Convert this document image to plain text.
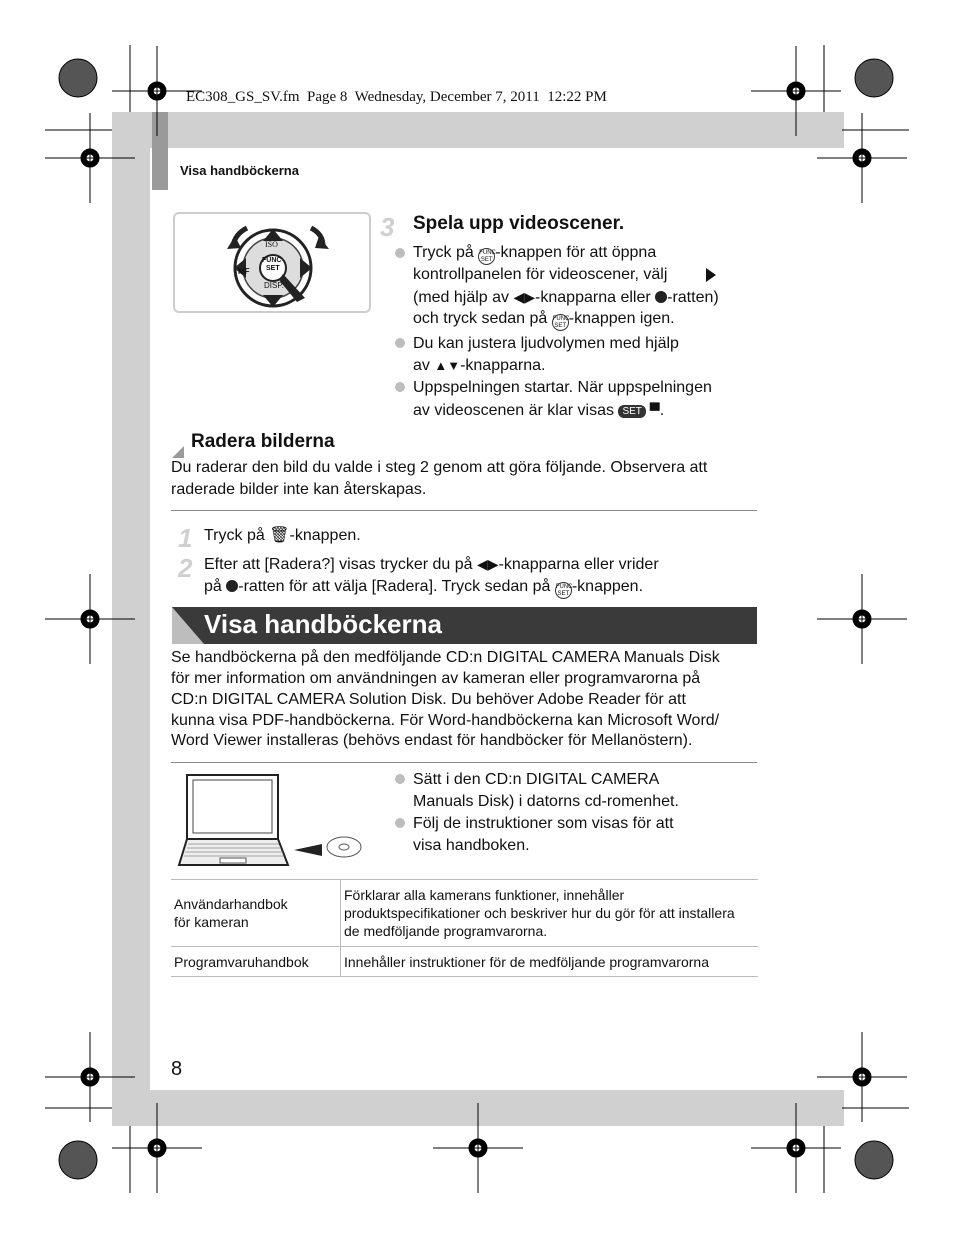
EC308_GS_SV.fm  Page 8  Wednesday, December 7, 2011  12:22 PM
Visa handböckerna
ISO
FUNC
SET
MF
DISP.
3 Spela upp videoscener.
Tryck på FUNC
SET -knappen för att öppna
kontrollpanelen för videoscener, välj
(med hjälp av ◀▶-knapparna eller -ratten)
och tryck sedan på FUNC
SET -knappen igen.
Du kan justera ljudvolymen med hjälp
av ▲▼-knapparna.
Uppspelningen startar. När uppspelningen
av videoscenen är klar visas SET ▀.
Radera bilderna
Du raderar den bild du valde i steg 2 genom att göra följande. Observera att
raderade bilder inte kan återskapas.
1 Tryck på 🗑-knappen.
2 Efter att [Radera?] visas trycker du på ◀▶-knapparna eller vrider
på -ratten för att välja [Radera]. Tryck sedan på FUNC
SET -knappen.
Visa handböckerna
Se handböckerna på den medföljande CD:n DIGITAL CAMERA Manuals Disk
för mer information om användningen av kameran eller programvarorna på
CD:n DIGITAL CAMERA Solution Disk. Du behöver Adobe Reader för att
kunna visa PDF-handböckerna. För Word-handböckerna kan Microsoft Word/
Word Viewer installeras (behövs endast för handböcker för Mellanöstern).
Sätt i den CD:n DIGITAL CAMERA
Manuals Disk) i datorns cd-romenhet.
Följ de instruktioner som visas för att
visa handboken.
Användarhandbok
för kameran	Förklarar alla kamerans funktioner, innehåller
produktspecifikationer och beskriver hur du gör för att installera
de medföljande programvarorna.
Programvaruhandbok	Innehåller instruktioner för de medföljande programvarorna
8
